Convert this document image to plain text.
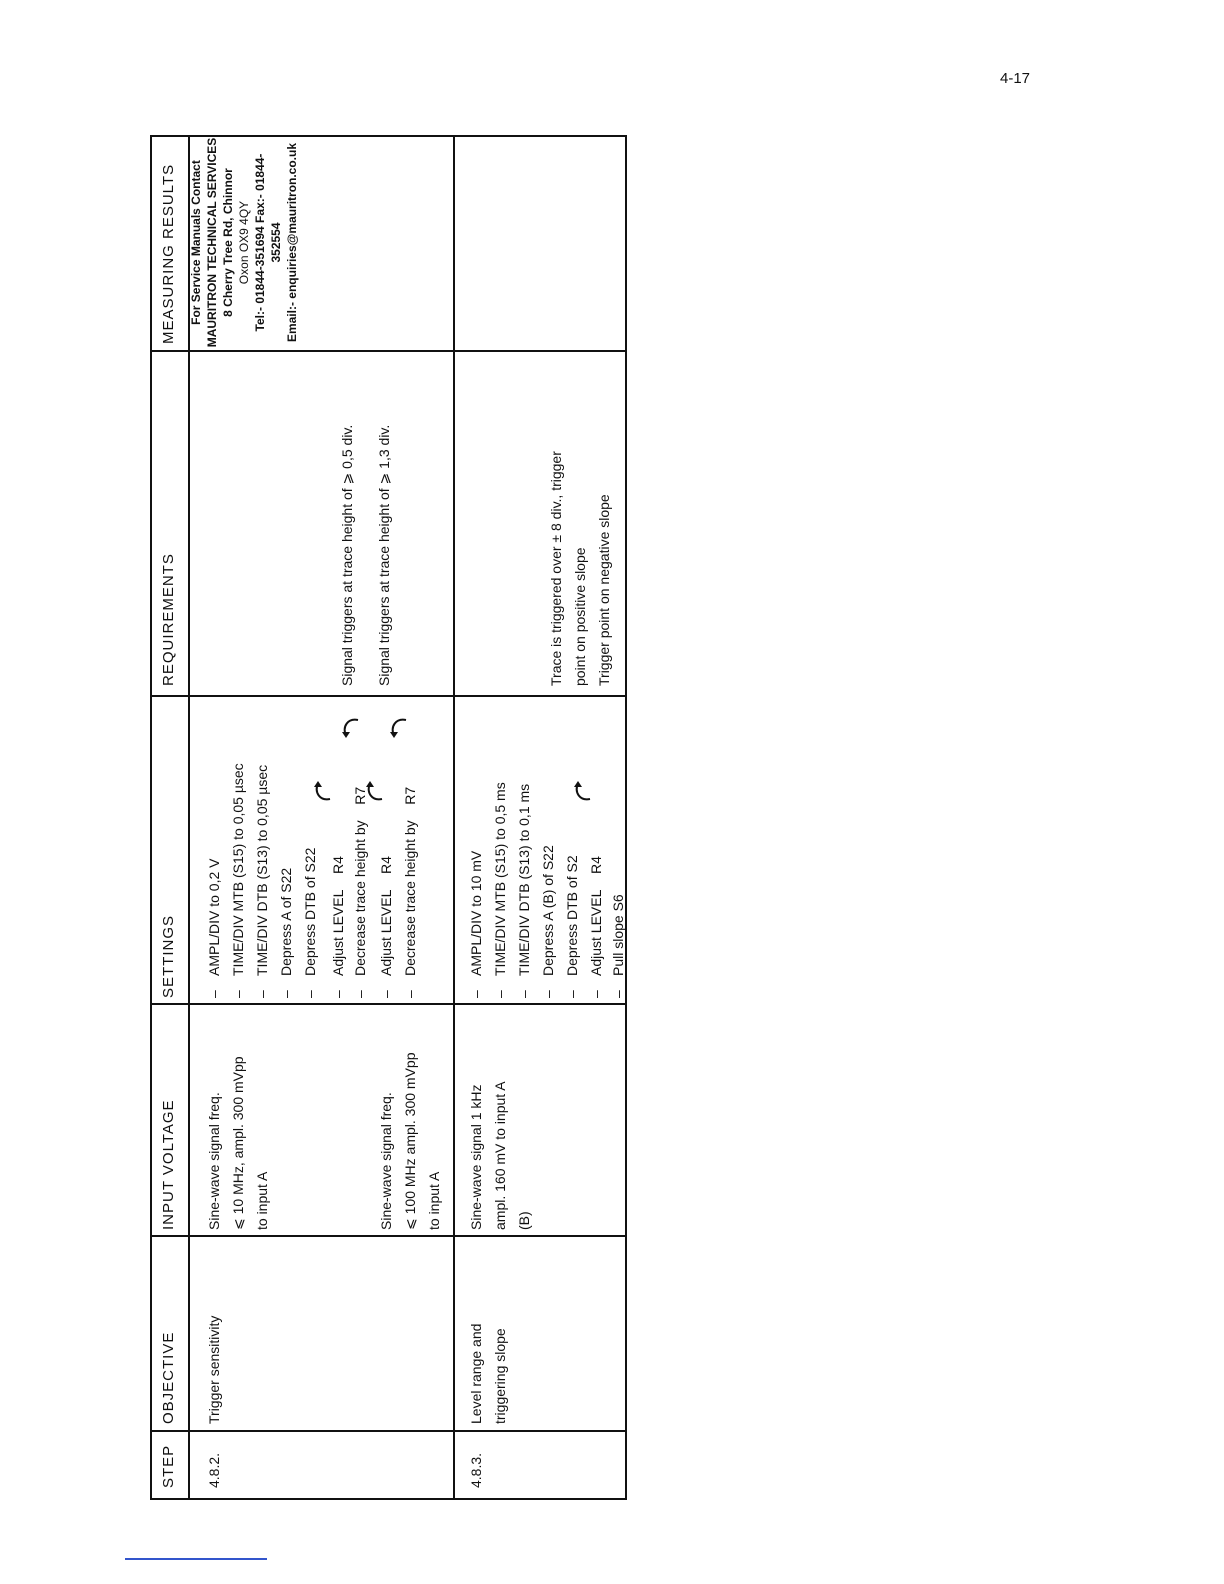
4-17
STEP
OBJECTIVE
INPUT VOLTAGE
SETTINGS
REQUIREMENTS
MEASURING RESULTS
4.8.2.
Trigger sensitivity
Sine-wave signal freq. ⩽ 10 MHz, ampl. 300 mVpp to input A	Sine-wave signal freq. ⩽ 100 MHz ampl. 300 mVpp to input A
–AMPL/DIV to 0,2 V
–TIME/DIV MTB (S15) to 0,05 µsec
–TIME/DIV DTB (S13) to 0,05 µsec
–Depress A of S22
–Depress DTB of S22
–Adjust LEVEL    R4
–Decrease trace height by    R7
–Adjust LEVEL    R4
–Decrease trace height by    R7
Signal triggers at trace height of ⩾ 0,5 div. Signal triggers at trace height of ⩾ 1,3 div.
For Service Manuals Contact MAURITRON TECHNICAL SERVICES 8 Cherry Tree Rd, Chinnor Oxon OX9 4QY Tel:- 01844-351694 Fax:- 01844-352554 Email:- enquiries@mauritron.co.uk
4.8.3.
Level range and triggering slope
Sine-wave signal 1 kHz ampl. 160 mV to input A (B)
–AMPL/DIV to 10 mV
–TIME/DIV MTB (S15) to 0,5 ms
–TIME/DIV DTB (S13) to 0,1 ms
–Depress A (B) of S22
–Depress DTB of S2
–Adjust LEVEL    R4
–Pull slope S6
Trace is triggered over ± 8 div., trigger point on positive slope Trigger point on negative slope
